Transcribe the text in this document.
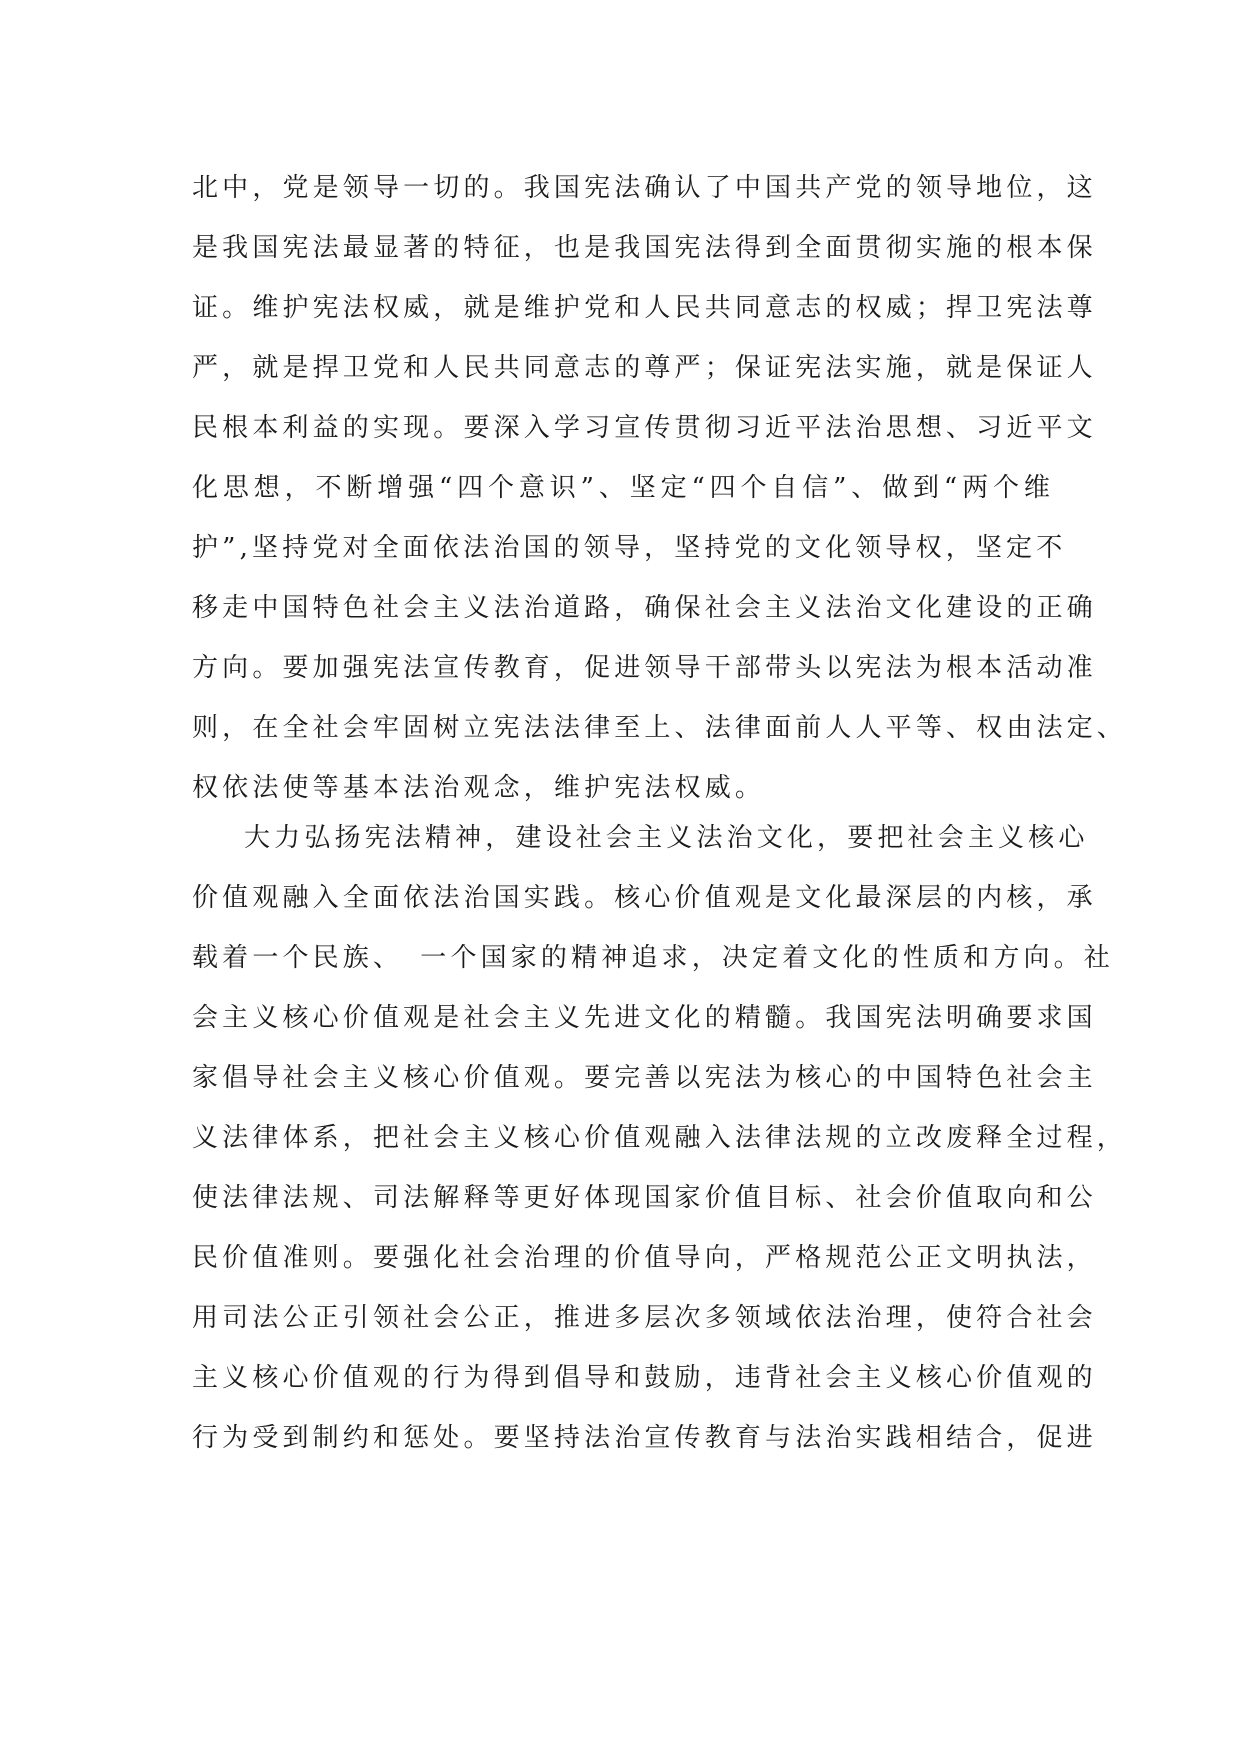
北中，党是领导一切的。我国宪法确认了中国共产党的领导地位，这
是我国宪法最显著的特征，也是我国宪法得到全面贯彻实施的根本保
证。维护宪法权威，就是维护党和人民共同意志的权威；捍卫宪法尊
严，就是捍卫党和人民共同意志的尊严；保证宪法实施，就是保证人
民根本利益的实现。要深入学习宣传贯彻习近平法治思想、习近平文
化思想，不断增强“四个意识”、坚定“四个自信”、做到“两个维
护”,坚持党对全面依法治国的领导，坚持党的文化领导权，坚定不
移走中国特色社会主义法治道路，确保社会主义法治文化建设的正确
方向。要加强宪法宣传教育，促进领导干部带头以宪法为根本活动准
则，在全社会牢固树立宪法法律至上、法律面前人人平等、权由法定、
权依法使等基本法治观念，维护宪法权威。
大力弘扬宪法精神，建设社会主义法治文化，要把社会主义核心
价值观融入全面依法治国实践。核心价值观是文化最深层的内核，承
载着一个民族、　一个国家的精神追求，决定着文化的性质和方向。社
会主义核心价值观是社会主义先进文化的精髓。我国宪法明确要求国
家倡导社会主义核心价值观。要完善以宪法为核心的中国特色社会主
义法律体系，把社会主义核心价值观融入法律法规的立改废释全过程，
使法律法规、司法解释等更好体现国家价值目标、社会价值取向和公
民价值准则。要强化社会治理的价值导向，严格规范公正文明执法，
用司法公正引领社会公正，推进多层次多领域依法治理，使符合社会
主义核心价值观的行为得到倡导和鼓励，违背社会主义核心价值观的
行为受到制约和惩处。要坚持法治宣传教育与法治实践相结合，促进
